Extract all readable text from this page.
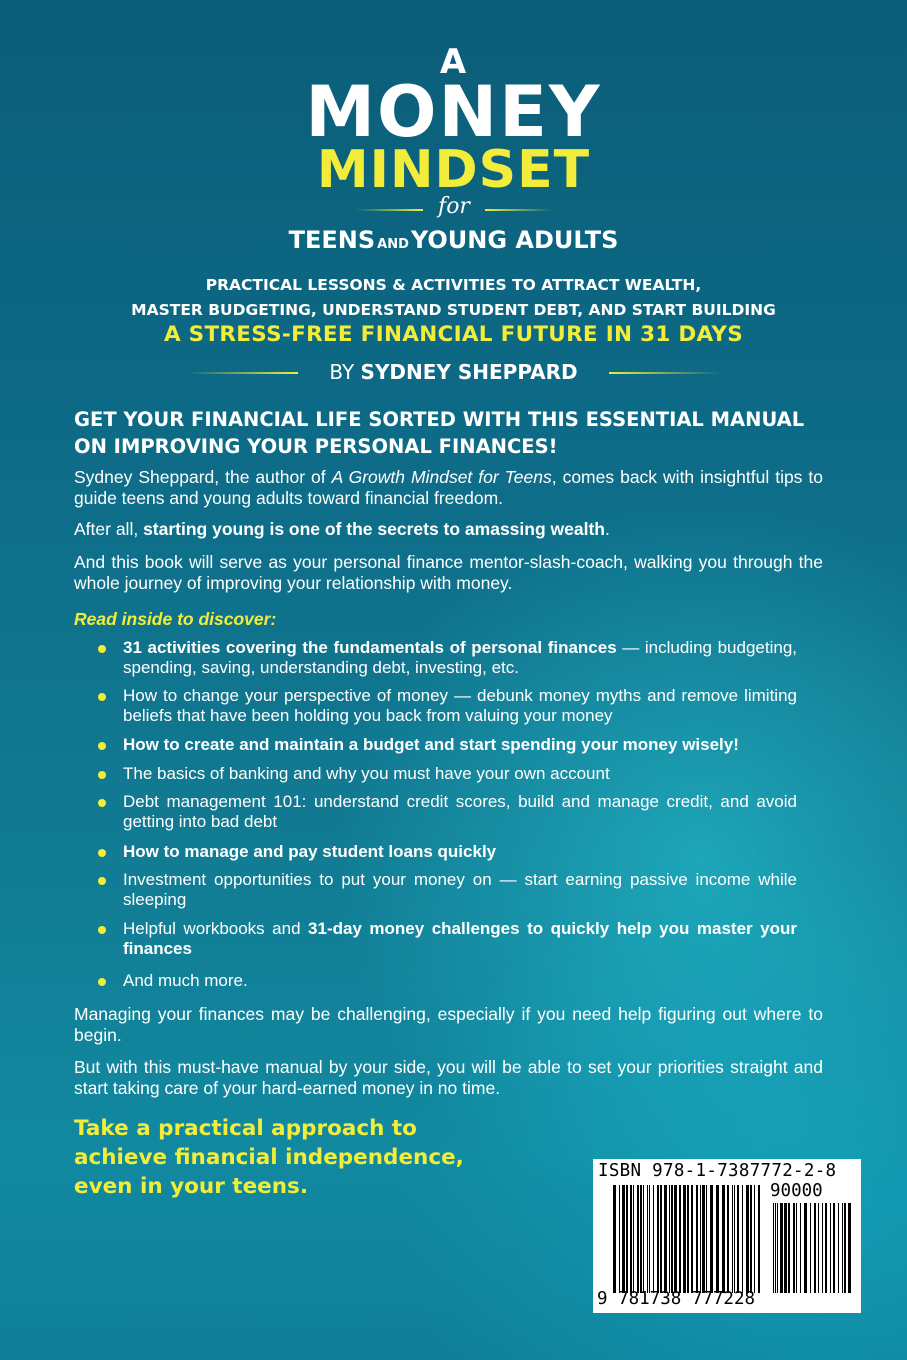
A
MONEY
MINDSET
for
TEENS ANDYOUNG ADULTS
PRACTICAL LESSONS & ACTIVITIES TO ATTRACT WEALTH,
MASTER BUDGETING, UNDERSTAND STUDENT DEBT, AND START BUILDING
A STRESS-FREE FINANCIAL FUTURE IN 31 DAYS
BY SYDNEY SHEPPARD
GET YOUR FINANCIAL LIFE SORTED WITH THIS ESSENTIAL MANUAL ON IMPROVING YOUR PERSONAL FINANCES!
Sydney Sheppard, the author of A Growth Mindset for Teens, comes back with insightful tips to guide teens and young adults toward financial freedom.
After all, starting young is one of the secrets to amassing wealth.
And this book will serve as your personal finance mentor-slash-coach, walking you through the whole journey of improving your relationship with money.
Read inside to discover:
31 activities covering the fundamentals of personal finances — including budgeting, spending, saving, understanding debt, investing, etc.
How to change your perspective of money — debunk money myths and remove limiting beliefs that have been holding you back from valuing your money
How to create and maintain a budget and start spending your money wisely!
The basics of banking and why you must have your own account
Debt management 101: understand credit scores, build and manage credit, and avoid getting into bad debt
How to manage and pay student loans quickly
Investment opportunities to put your money on — start earning passive income while sleeping
Helpful workbooks and 31-day money challenges to quickly help you master your finances
And much more.
Managing your finances may be challenging, especially if you need help figuring out where to begin.
But with this must-have manual by your side, you will be able to set your priorities straight and start taking care of your hard-earned money in no time.
Take a practical approach to achieve financial independence, even in your teens.
ISBN 978-1-7387772-2-8
90000
9 781738 777228
